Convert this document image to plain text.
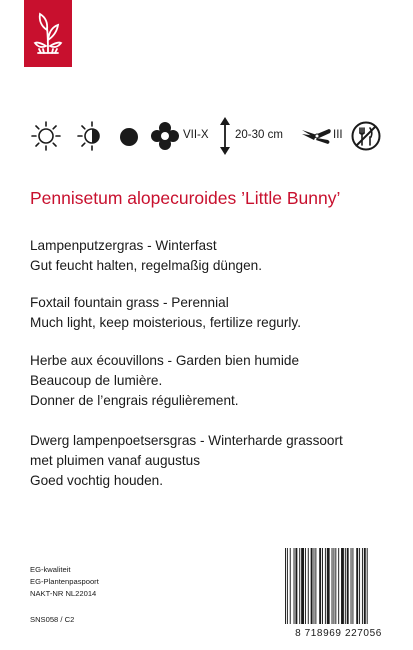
VII-X 20-30 cm	III
Pennisetum alopecuroides ’Little Bunny’
Lampenputzergras - Winterfast
Gut feucht halten, regelmaßig düngen.
Foxtail fountain grass - Perennial
Much light, keep moisterious, fertilize regurly.
Herbe aux écouvillons - Garden bien humide
Beaucoup de lumière.
Donner de l’engrais régulièrement.
Dwerg lampenpoetsersgras - Winterharde grassoort
met pluimen vanaf augustus
Goed vochtig houden.
EG-kwaliteit
EG-Plantenpaspoort
NAKT-NR NL22014
SNS058 / C2
8 718969 227056
